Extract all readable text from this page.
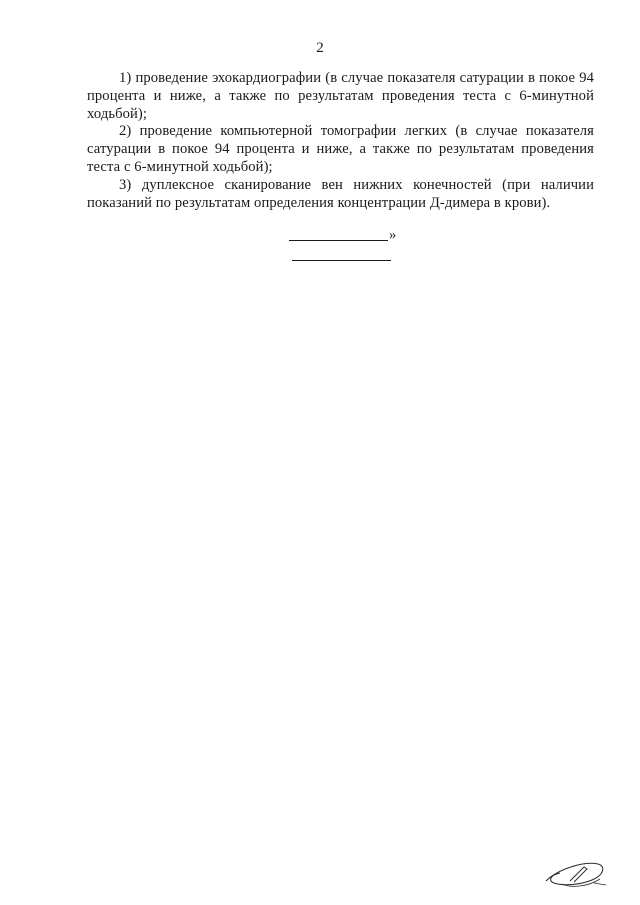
2

1) проведение эхокардиографии (в случае показателя сатурации в покое 94 процента и ниже, а также по результатам проведения теста с 6-минутной ходьбой);

2) проведение компьютерной томографии легких (в случае показателя сатурации в покое 94 процента и ниже, а также по результатам проведения теста с 6-минутной ходьбой);

3) дуплексное сканирование вен нижних конечностей (при наличии показаний по результатам определения концентрации Д-димера в крови).

»
